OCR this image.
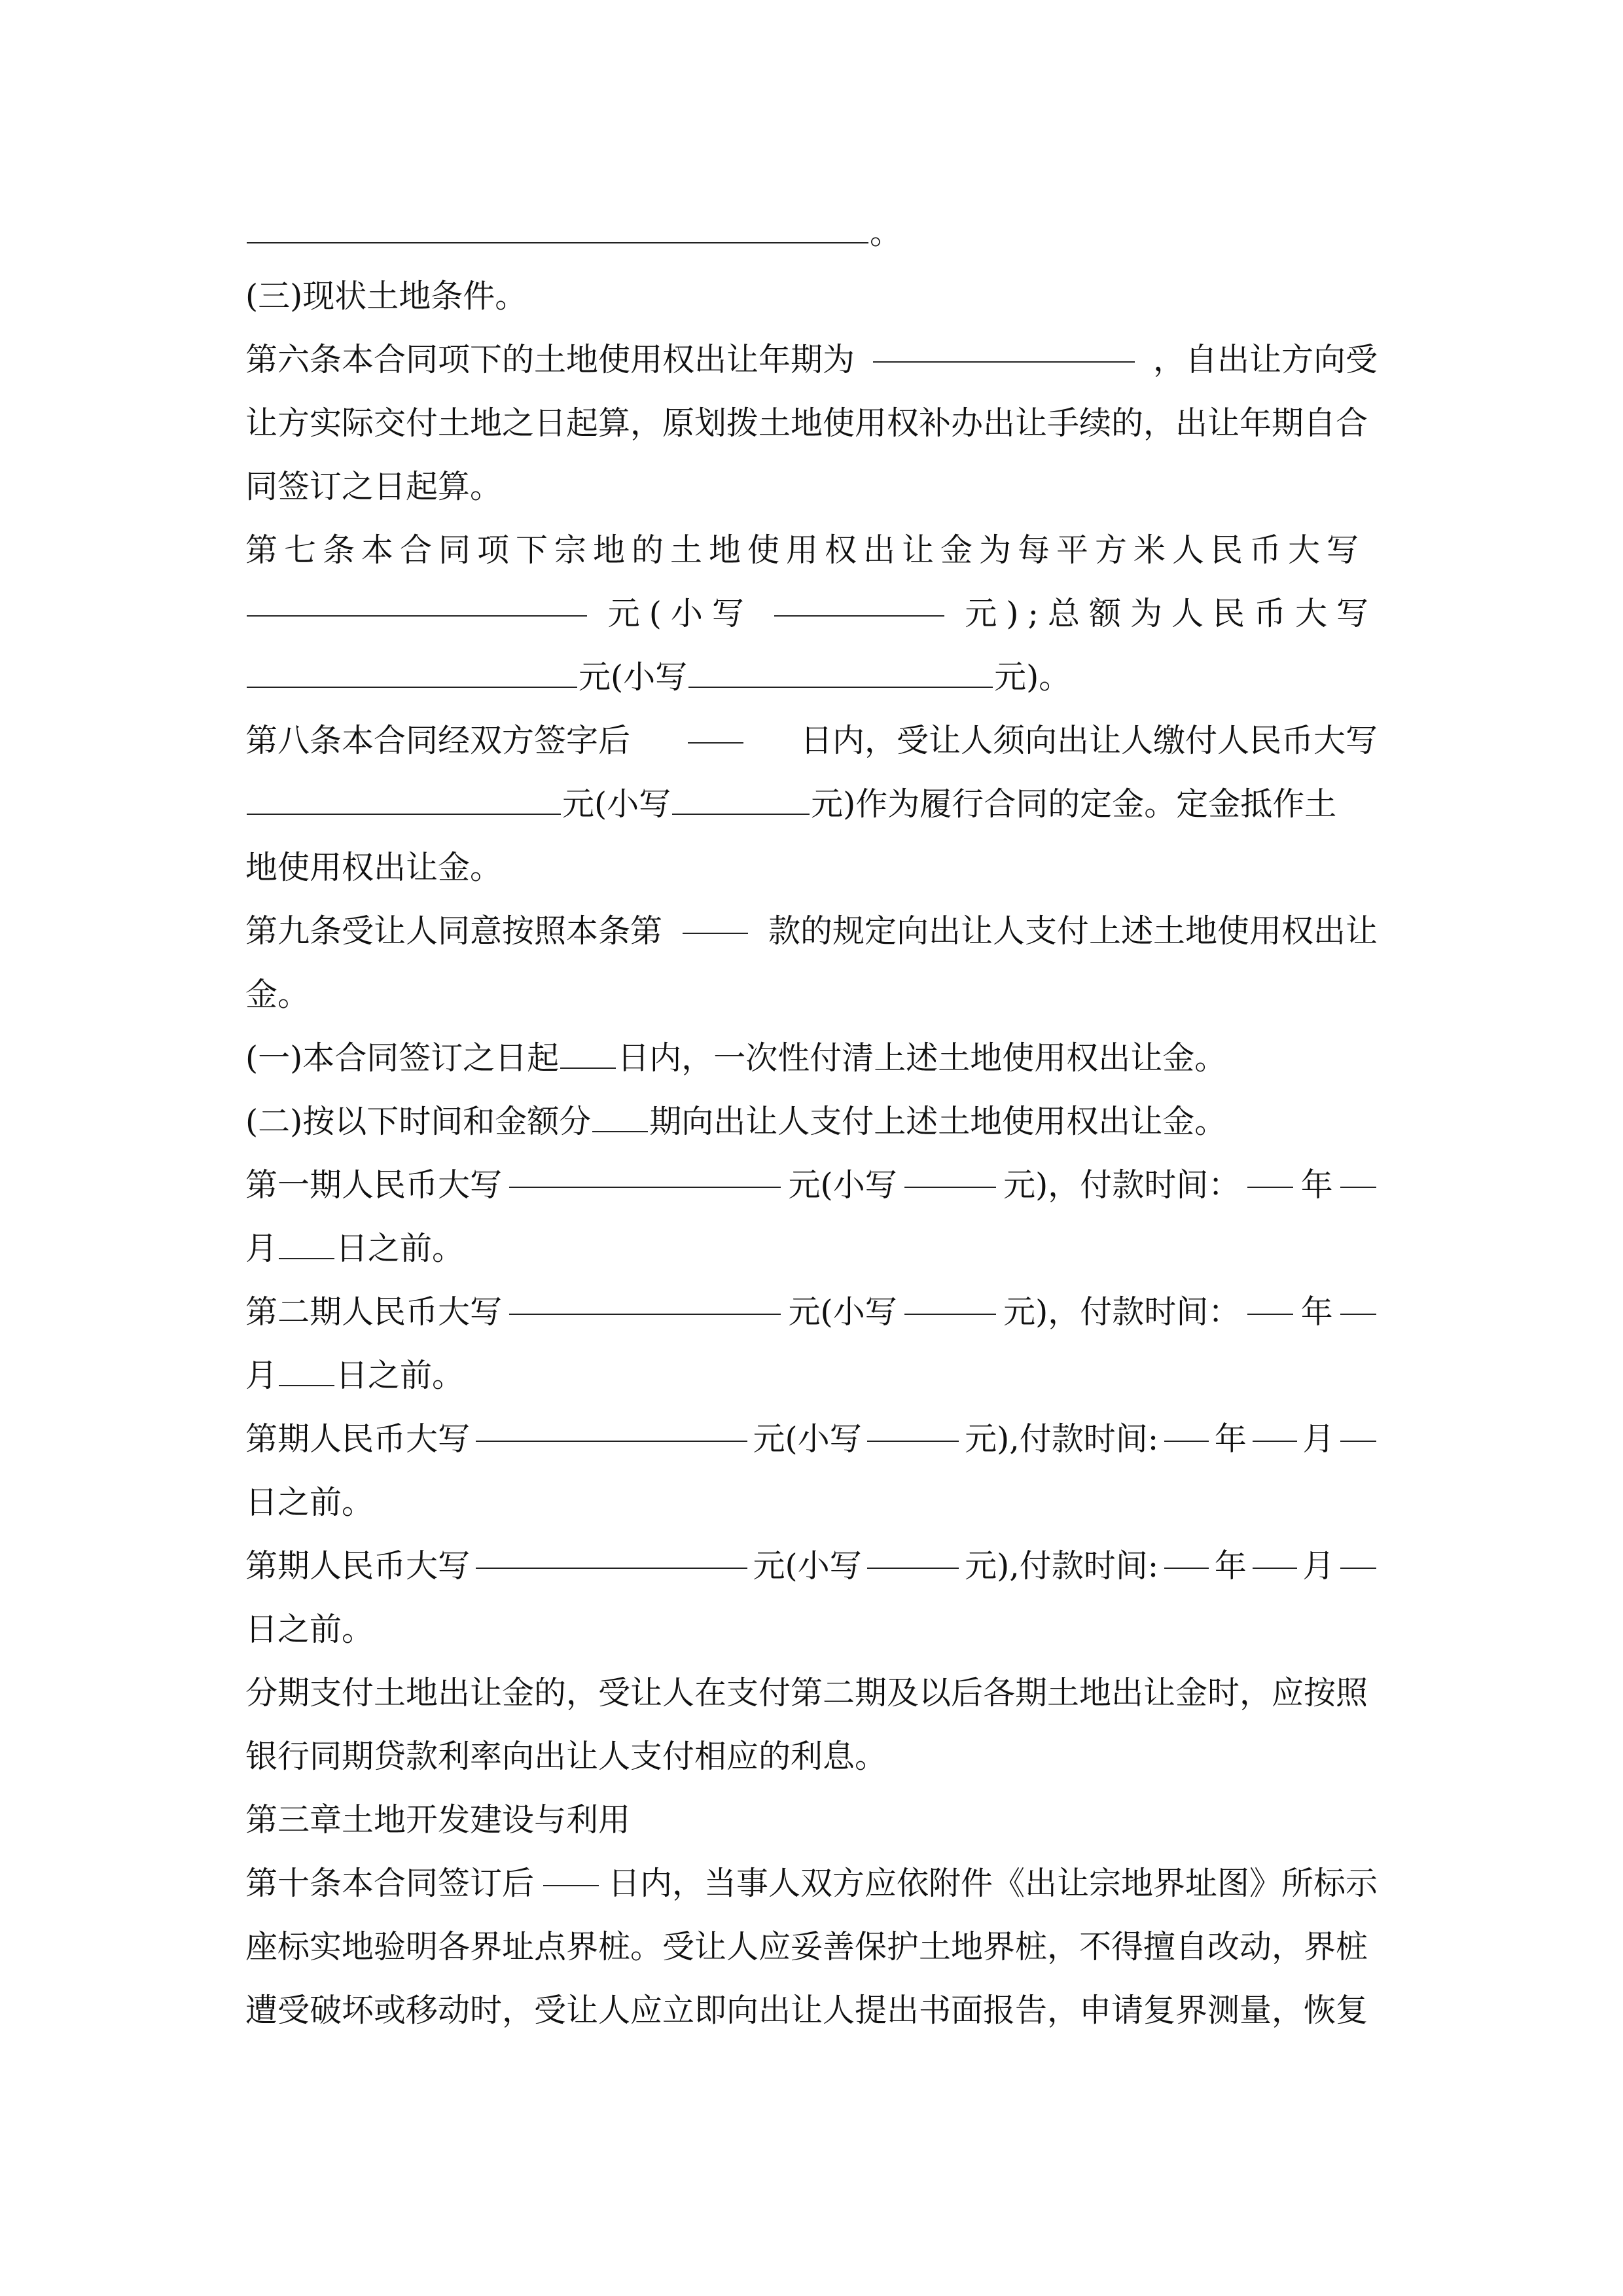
。
(三)现状土地条件。
第六条本合同项下的土地使用权出让年期为	，自出让方向受
让方实际交付土地之日起算，原划拨土地使用权补办出让手续的，出让年期自合
同签订之日起算。
第七条本合同项下宗地的土地使用权出让金为每平方米人民币大写
元(小写	元);总额为人民币大写
元(小写	元)。
第八条本合同经双方签字后	日内，受让人须向出让人缴付人民币大写
元(小写	元)作为履行合同的定金。定金抵作土
地使用权出让金。
第九条受让人同意按照本条第	款的规定向出让人支付上述土地使用权出让
金。
(一)本合同签订之日起 日内，一次性付清上述土地使用权出让金。
(二)按以下时间和金额分 期向出让人支付上述土地使用权出让金。
第一期人民币大写	元(小写	元)，付款时间： 年
月 日之前。
第二期人民币大写	元(小写	元)，付款时间： 年
月 日之前。
第期人民币大写	元(小写	元),付款时间: 年 月
日之前。
第期人民币大写	元(小写	元),付款时间: 年 月
日之前。
分期支付土地出让金的，受让人在支付第二期及以后各期土地出让金时，应按照
银行同期贷款利率向出让人支付相应的利息。
第三章土地开发建设与利用
第十条本合同签订后 日内，当事人双方应依附件《出让宗地界址图》所标示
座标实地验明各界址点界桩。受让人应妥善保护土地界桩，不得擅自改动，界桩
遭受破坏或移动时，受让人应立即向出让人提出书面报告，申请复界测量，恢复
